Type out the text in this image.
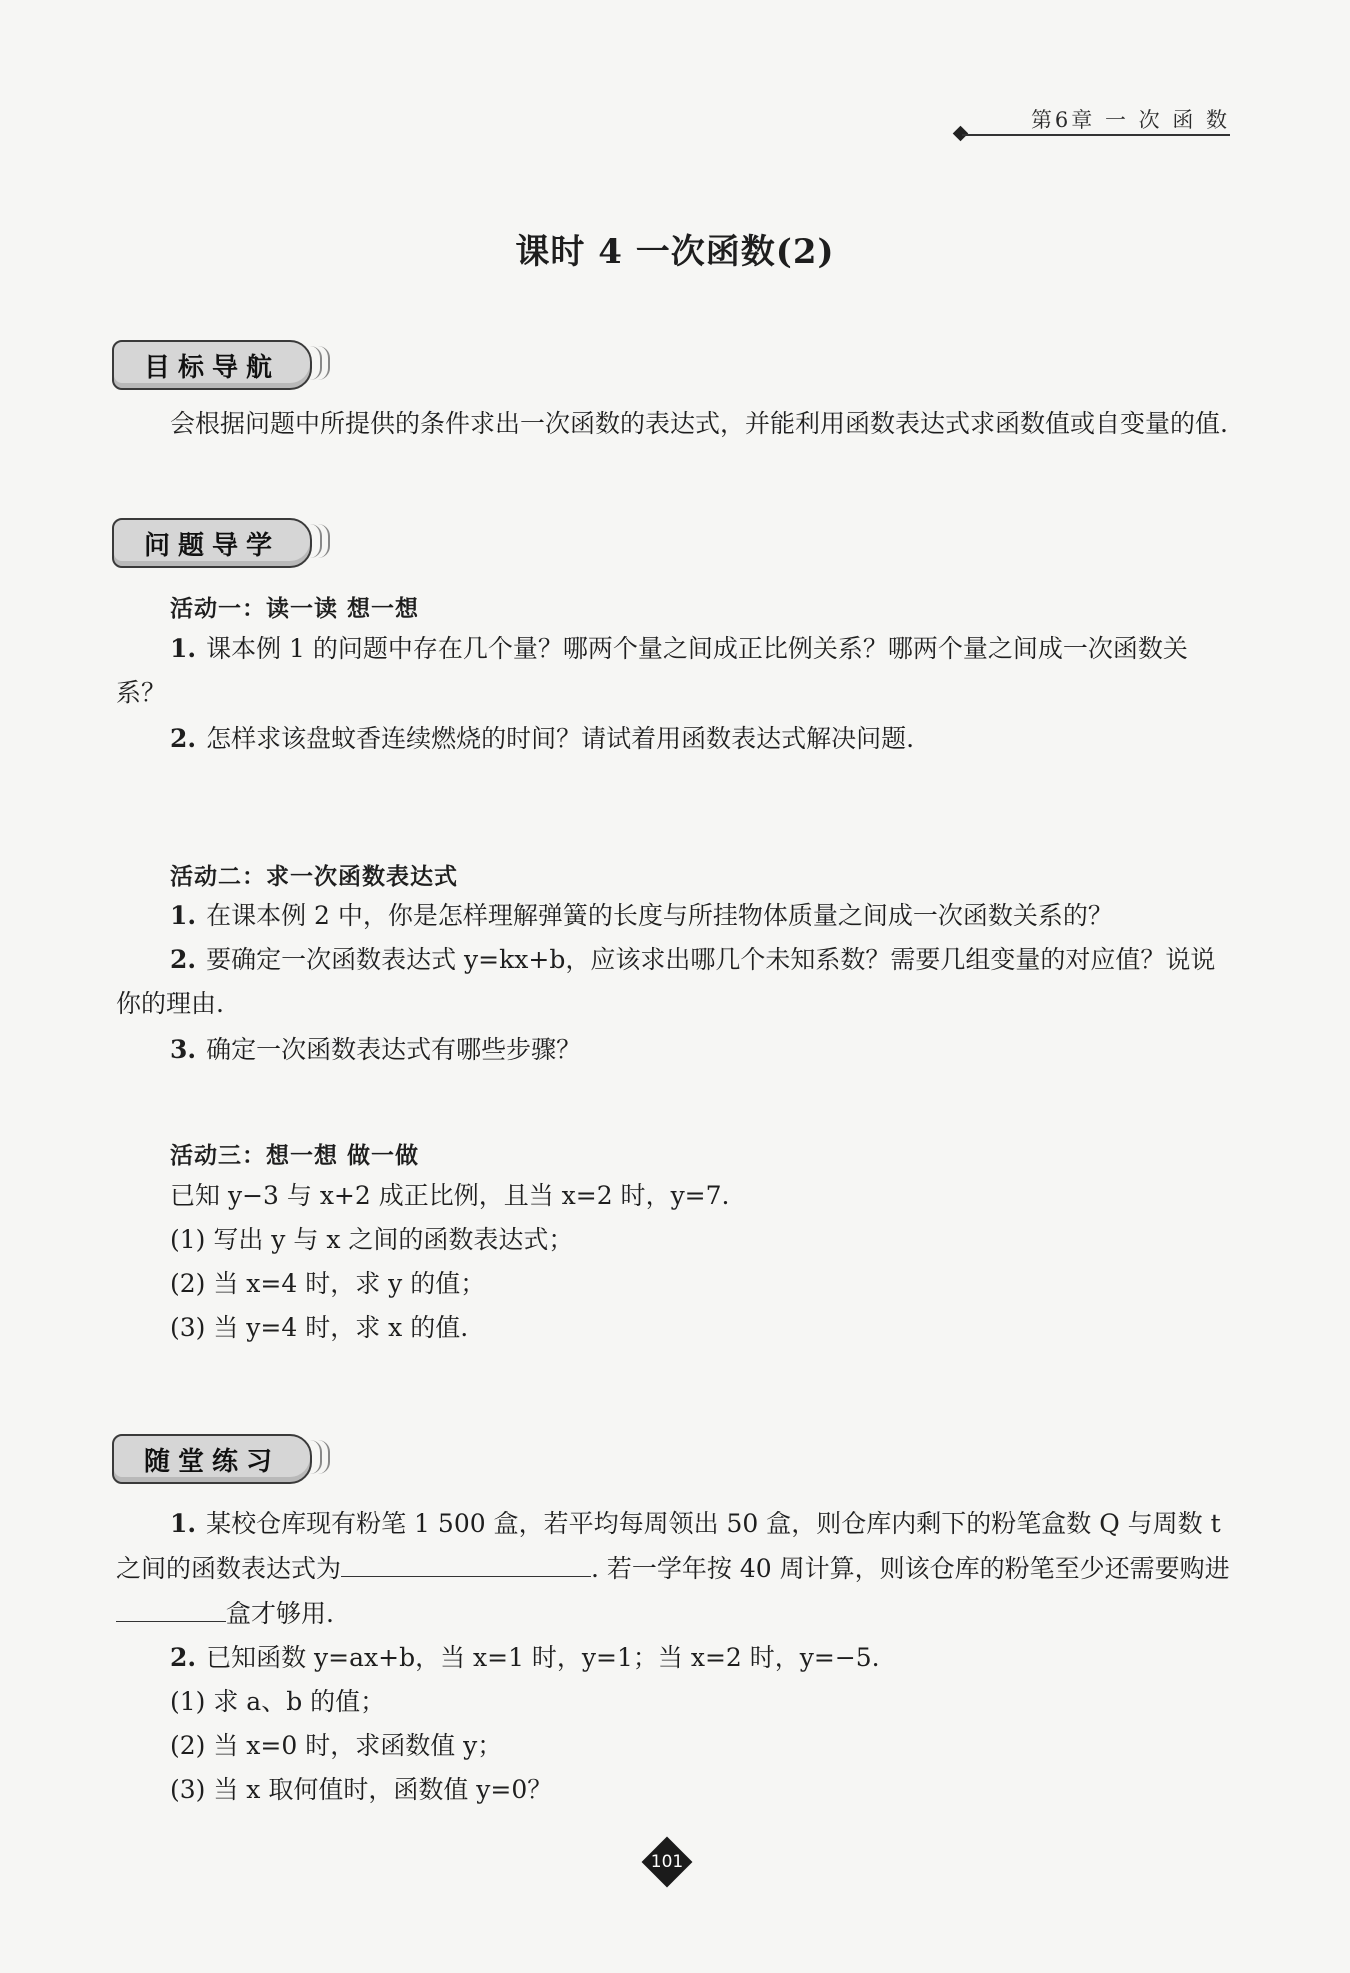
第6章 一 次 函 数
课时 4 一次函数(2)
目标导航
会根据问题中所提供的条件求出一次函数的表达式，并能利用函数表达式求函数值或自变量的值.
问题导学
活动一：读一读 想一想
1. 课本例 1 的问题中存在几个量？哪两个量之间成正比例关系？哪两个量之间成一次函数关系？
2. 怎样求该盘蚊香连续燃烧的时间？请试着用函数表达式解决问题.
活动二：求一次函数表达式
1. 在课本例 2 中，你是怎样理解弹簧的长度与所挂物体质量之间成一次函数关系的？
2. 要确定一次函数表达式 y=kx+b，应该求出哪几个未知系数？需要几组变量的对应值？说说你的理由.
3. 确定一次函数表达式有哪些步骤？
活动三：想一想 做一做
已知 y−3 与 x+2 成正比例，且当 x=2 时，y=7.
(1) 写出 y 与 x 之间的函数表达式；
(2) 当 x=4 时，求 y 的值；
(3) 当 y=4 时，求 x 的值.
随堂练习
1. 某校仓库现有粉笔 1 500 盒，若平均每周领出 50 盒，则仓库内剩下的粉笔盒数 Q 与周数 t 之间的函数表达式为	. 若一学年按 40 周计算，则该仓库的粉笔至少还需要购进盒才够用.
2. 已知函数 y=ax+b，当 x=1 时，y=1；当 x=2 时，y=−5.
(1) 求 a、b 的值；
(2) 当 x=0 时，求函数值 y；
(3) 当 x 取何值时，函数值 y=0？
101
